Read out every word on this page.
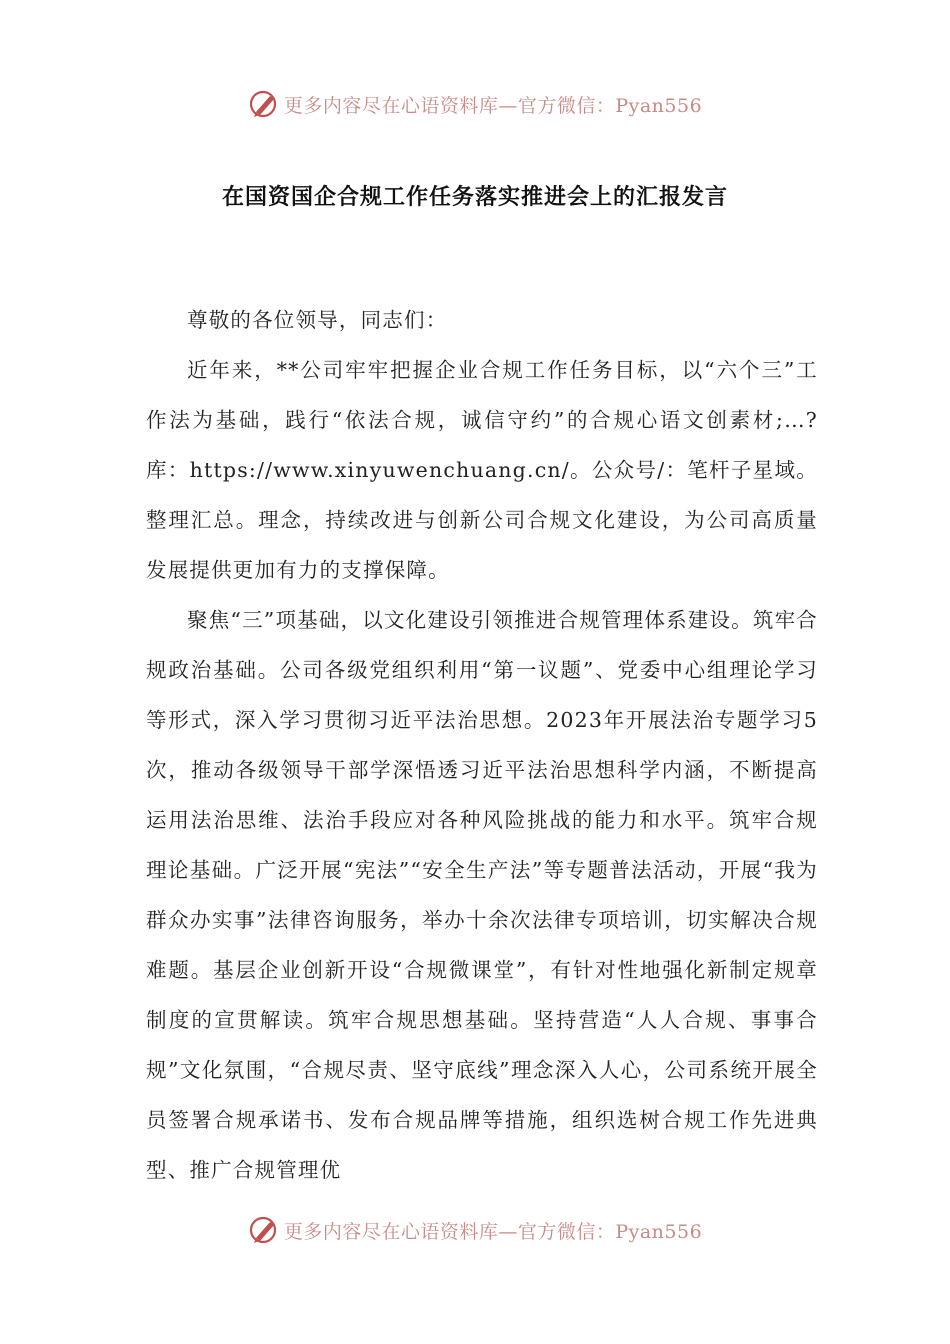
更多内容尽在心语资料库—官方微信：Pyan556
在国资国企合规工作任务落实推进会上的汇报发言

尊敬的各位领导，同志们：

近年来，**公司牢牢把握企业合规工作任务目标，以“六个三”工作法为基础，践行“依法合规，诚信守约”的合规心语文创素材;…?库：https://www.xinyuwenchuang.cn/。公众号/：笔杆子星域。整理汇总。理念，持续改进与创新公司合规文化建设，为公司高质量发展提供更加有力的支撑保障。

聚焦“三”项基础，以文化建设引领推进合规管理体系建设。筑牢合规政治基础。公司各级党组织利用“第一议题”、党委中心组理论学习等形式，深入学习贯彻习近平法治思想。2023年开展法治专题学习5次，推动各级领导干部学深悟透习近平法治思想科学内涵，不断提高运用法治思维、法治手段应对各种风险挑战的能力和水平。筑牢合规理论基础。广泛开展“宪法”“安全生产法”等专题普法活动，开展“我为群众办实事”法律咨询服务，举办十余次法律专项培训，切实解决合规难题。基层企业创新开设“合规微课堂”，有针对性地强化新制定规章制度的宣贯解读。筑牢合规思想基础。坚持营造“人人合规、事事合规”文化氛围，“合规尽责、坚守底线”理念深入人心，公司系统开展全员签署合规承诺书、发布合规品牌等措施，组织选树合规工作先进典型、推广合规管理优

更多内容尽在心语资料库—官方微信：Pyan556
